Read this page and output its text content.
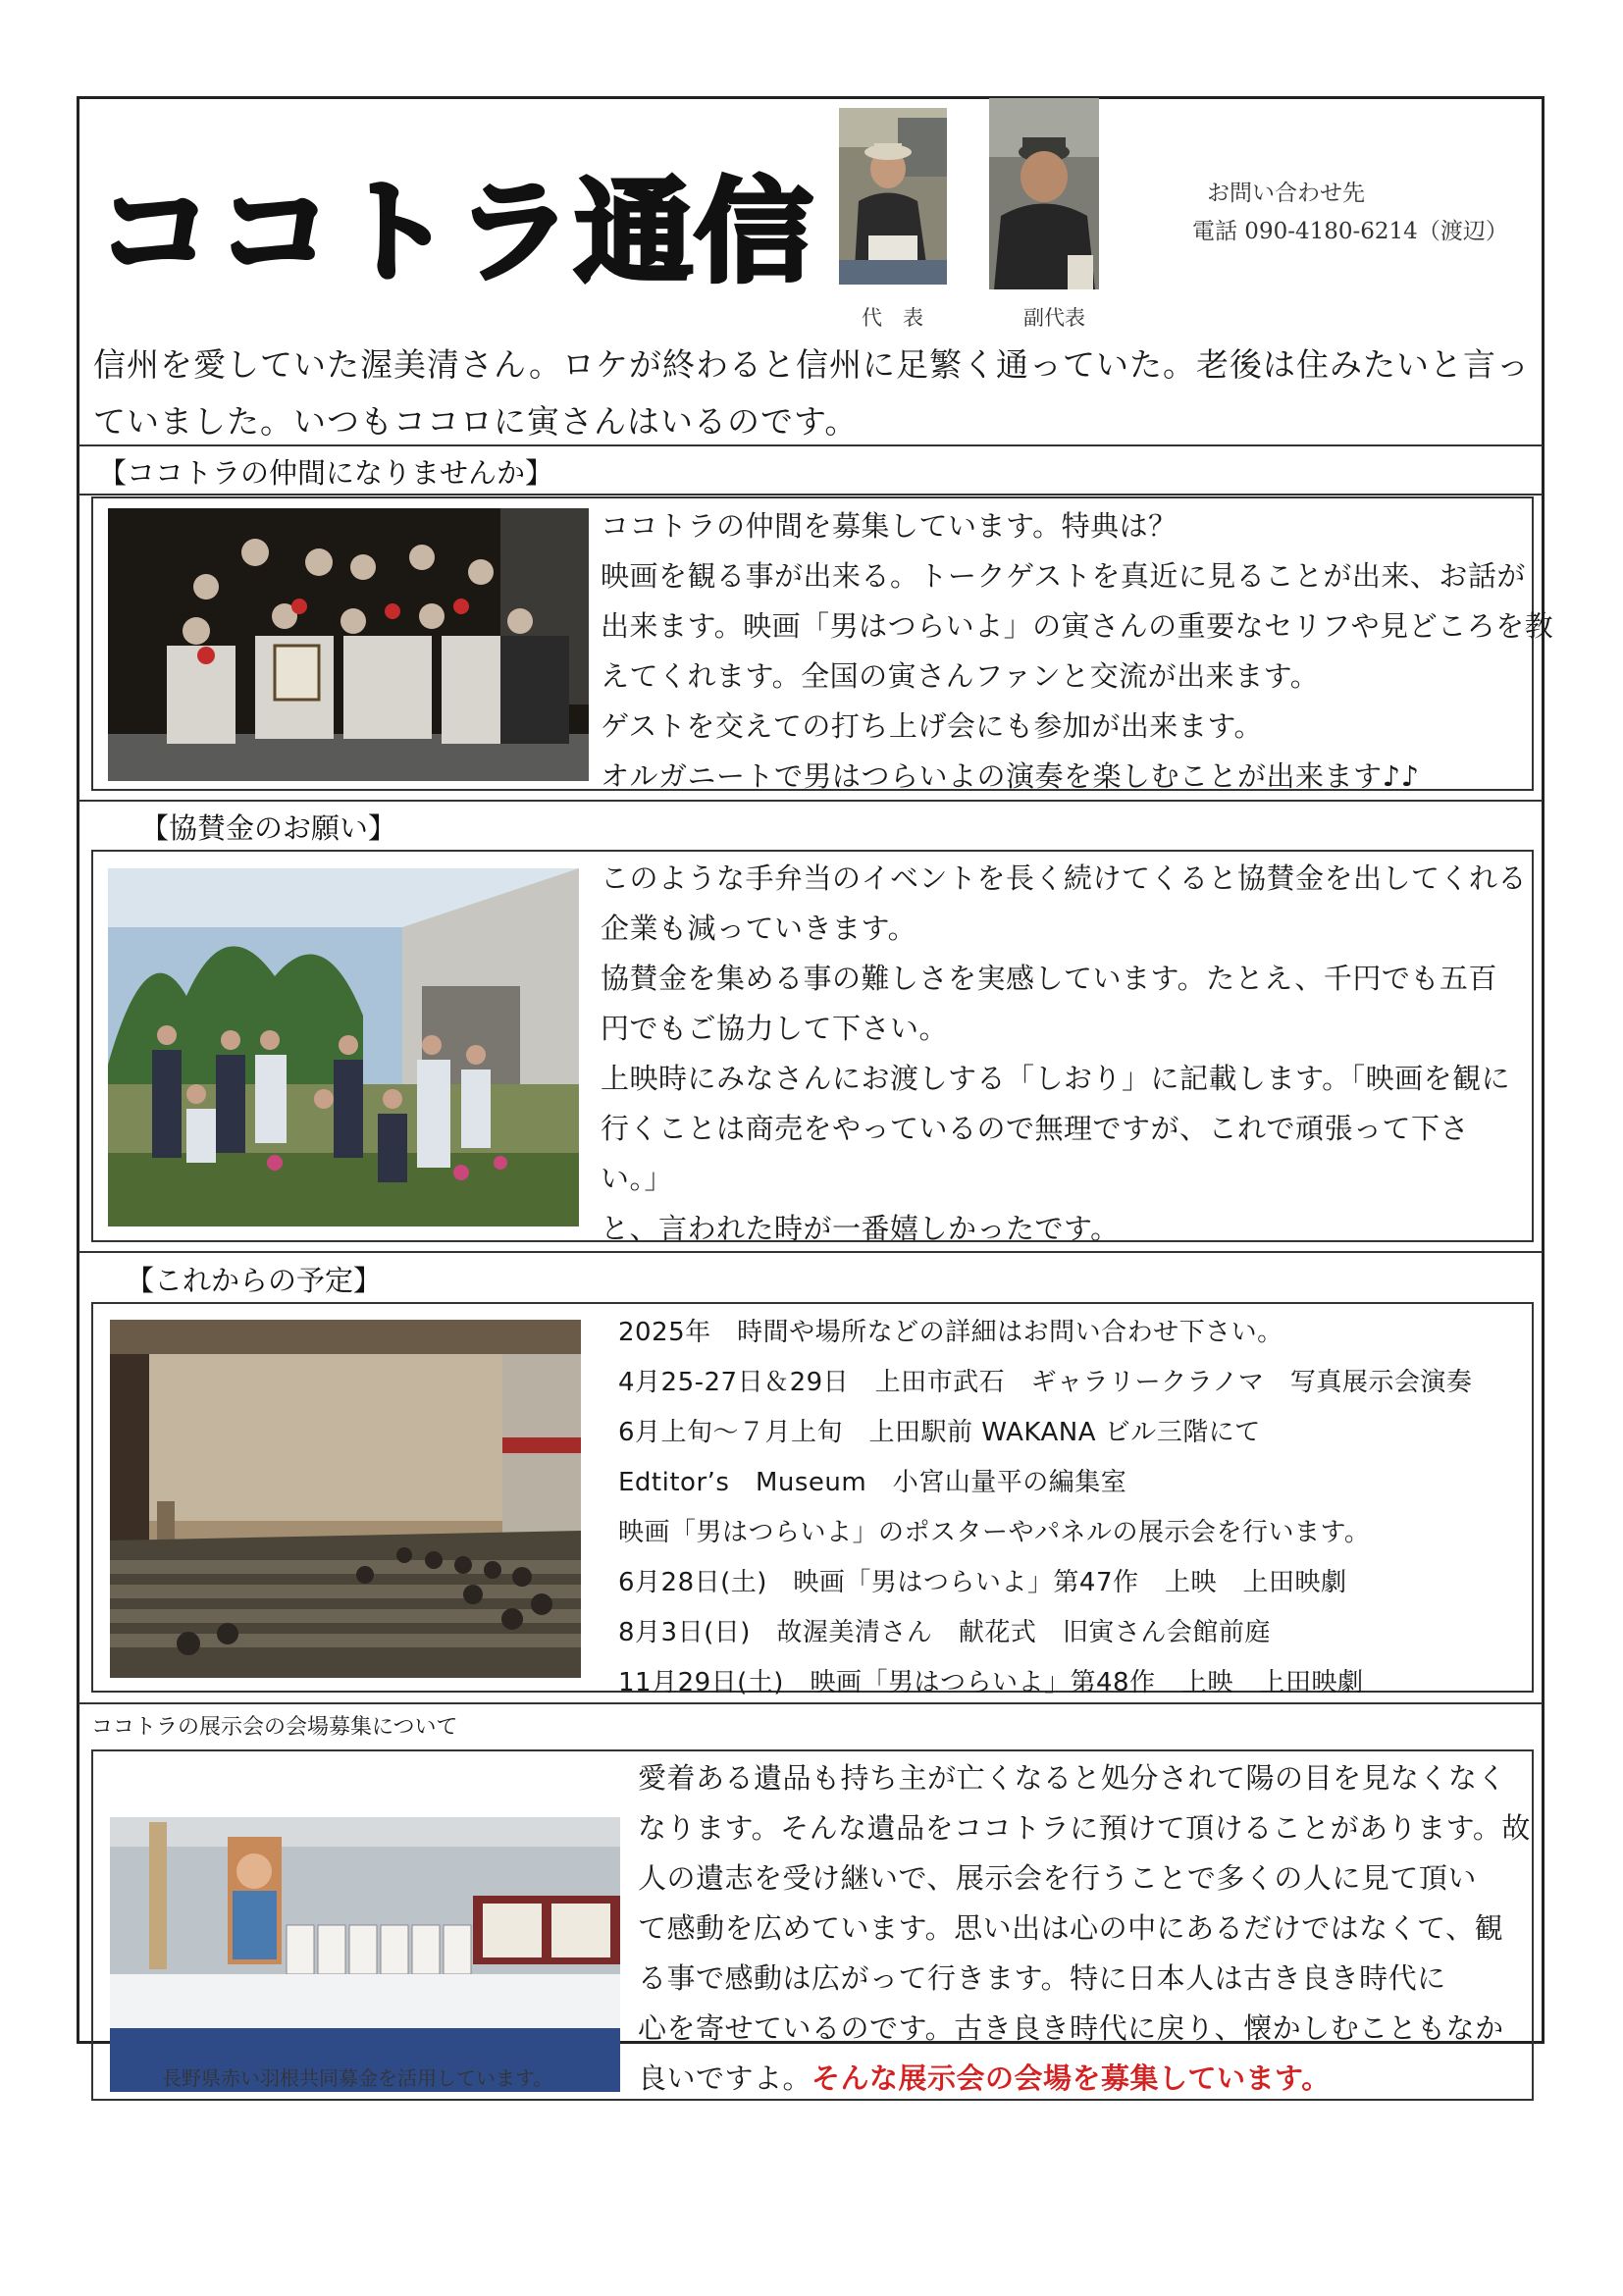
ココトラ通信
代　表	副代表
お問い合わせ先
電話 090-4180-6214（渡辺）
信州を愛していた渥美清さん。ロケが終わると信州に足繁く通っていた。老後は住みたいと言っ
ていました。いつもココロに寅さんはいるのです。
【ココトラの仲間になりませんか】
ココトラの仲間を募集しています。特典は？
映画を観る事が出来る。トークゲストを真近に見ることが出来、お話が
出来ます。映画「男はつらいよ」の寅さんの重要なセリフや見どころを教
えてくれます。全国の寅さんファンと交流が出来ます。
ゲストを交えての打ち上げ会にも参加が出来ます。
オルガニートで男はつらいよの演奏を楽しむことが出来ます♪♪
【協賛金のお願い】
このような手弁当のイベントを長く続けてくると協賛金を出してくれる
企業も減っていきます。
協賛金を集める事の難しさを実感しています。たとえ、千円でも五百
円でもご協力して下さい。
上映時にみなさんにお渡しする「しおり」に記載します。「映画を観に
行くことは商売をやっているので無理ですが、これで頑張って下さ
い。」
と、言われた時が一番嬉しかったです。
【これからの予定】
2025年　時間や場所などの詳細はお問い合わせ下さい。
4月25-27日＆29日　上田市武石　ギャラリークラノマ　写真展示会演奏
6月上旬～７月上旬　上田駅前 WAKANA ビル三階にて
Edtitor’s　Museum　小宮山量平の編集室
映画「男はつらいよ」のポスターやパネルの展示会を行います。
6月28日(土)　映画「男はつらいよ」第47作　上映　上田映劇
8月3日(日)　故渥美清さん　献花式　旧寅さん会館前庭
11月29日(土)　映画「男はつらいよ」第48作　上映　上田映劇
ココトラの展示会の会場募集について
愛着ある遺品も持ち主が亡くなると処分されて陽の目を見なくなく
なります。そんな遺品をココトラに預けて頂けることがあります。故
人の遺志を受け継いで、展示会を行うことで多くの人に見て頂い
て感動を広めています。思い出は心の中にあるだけではなくて、観
る事で感動は広がって行きます。特に日本人は古き良き時代に
心を寄せているのです。古き良き時代に戻り、懐かしむこともなか
良いですよ。そんな展示会の会場を募集しています。
長野県赤い羽根共同募金を活用しています。
